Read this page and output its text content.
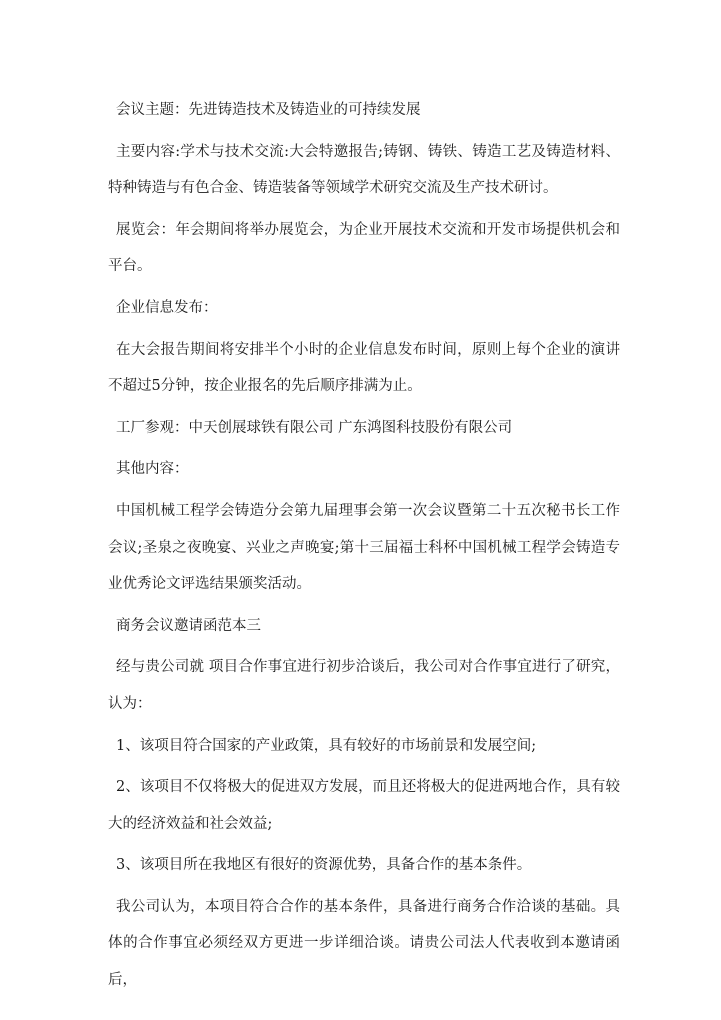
会议主题：先进铸造技术及铸造业的可持续发展

主要内容:学术与技术交流:大会特邀报告;铸钢、铸铁、铸造工艺及铸造材料、特种铸造与有色合金、铸造装备等领域学术研究交流及生产技术研讨。

展览会：年会期间将举办展览会，为企业开展技术交流和开发市场提供机会和平台。

企业信息发布：

在大会报告期间将安排半个小时的企业信息发布时间，原则上每个企业的演讲不超过5分钟，按企业报名的先后顺序排满为止。

工厂参观：中天创展球铁有限公司 广东鸿图科技股份有限公司

其他内容：

中国机械工程学会铸造分会第九届理事会第一次会议暨第二十五次秘书长工作会议;圣泉之夜晚宴、兴业之声晚宴;第十三届福士科杯中国机械工程学会铸造专业优秀论文评选结果颁奖活动。

商务会议邀请函范本三

经与贵公司就 项目合作事宜进行初步洽谈后，我公司对合作事宜进行了研究，认为：

1、该项目符合国家的产业政策，具有较好的市场前景和发展空间;

2、该项目不仅将极大的促进双方发展，而且还将极大的促进两地合作，具有较大的经济效益和社会效益;

3、该项目所在我地区有很好的资源优势，具备合作的基本条件。

我公司认为，本项目符合合作的基本条件，具备进行商务合作洽谈的基础。具体的合作事宜必须经双方更进一步详细洽谈。请贵公司法人代表收到本邀请函后，
